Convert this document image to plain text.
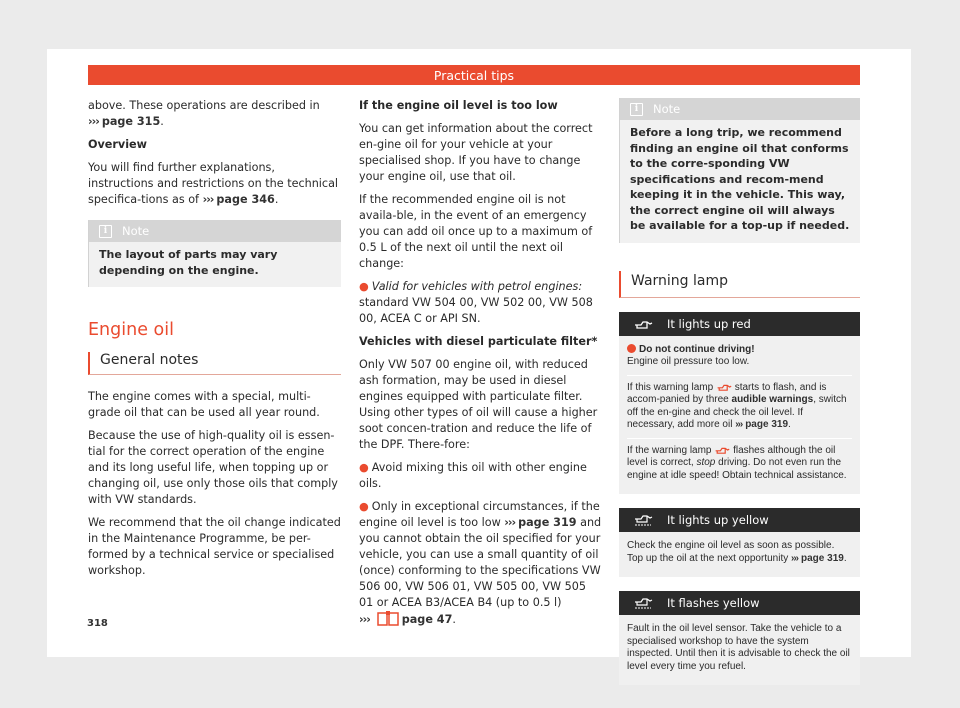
Practical tips

above. These operations are described in
››› page 315.

Overview

You will find further explanations, instructions and restrictions on the technical specifica-tions as of ››› page 346.

i	Note
The layout of parts may vary depending on the engine.
Engine oil
General notes

The engine comes with a special, multi-grade oil that can be used all year round.

Because the use of high-quality oil is essen-tial for the correct operation of the engine and its long useful life, when topping up or changing oil, use only those oils that comply with VW standards.

We recommend that the oil change indicated in the Maintenance Programme, be per-formed by a technical service or specialised workshop.

If the engine oil level is too low

You can get information about the correct en-gine oil for your vehicle at your specialised shop. If you have to change your engine oil, use that oil.

If the recommended engine oil is not availa-ble, in the event of an emergency you can add oil once up to a maximum of 0.5 L of the next oil until the next oil change:

● Valid for vehicles with petrol engines:
standard VW 504 00, VW 502 00, VW 508 00, ACEA C or API SN.

Vehicles with diesel particulate filter*

Only VW 507 00 engine oil, with reduced ash formation, may be used in diesel engines equipped with particulate filter. Using other types of oil will cause a higher soot concen-tration and reduce the life of the DPF. There-fore:

● Avoid mixing this oil with other engine oils.

● Only in exceptional circumstances, if the engine oil level is too low ››› page 319 and you cannot obtain the oil specified for your vehicle, you can use a small quantity of oil (once) conforming to the specifications VW 506 00, VW 506 01, VW 505 00, VW 505 01 or ACEA B3/ACEA B4 (up to 0.5 l)
›››	page 47.

i	Note
Before a long trip, we recommend finding an engine oil that conforms to the corre-sponding VW specifications and recom-mend keeping it in the vehicle. This way, the correct engine oil will always be available for a top-up if needed.
Warning lamp
It lights up red
Do not continue driving!
Engine oil pressure too low.
If this warning lamp starts to flash, and is accom-panied by three audible warnings, switch off the en-gine and check the oil level. If necessary, add more oil ››› page 319.
If the warning lamp flashes although the oil level is correct, stop driving. Do not even run the engine at idle speed! Obtain technical assistance.
It lights up yellow
Check the engine oil level as soon as possible. Top up the oil at the next opportunity ››› page 319.
It flashes yellow
Fault in the oil level sensor. Take the vehicle to a specialised workshop to have the system inspected. Until then it is advisable to check the oil level every time you refuel.
318
